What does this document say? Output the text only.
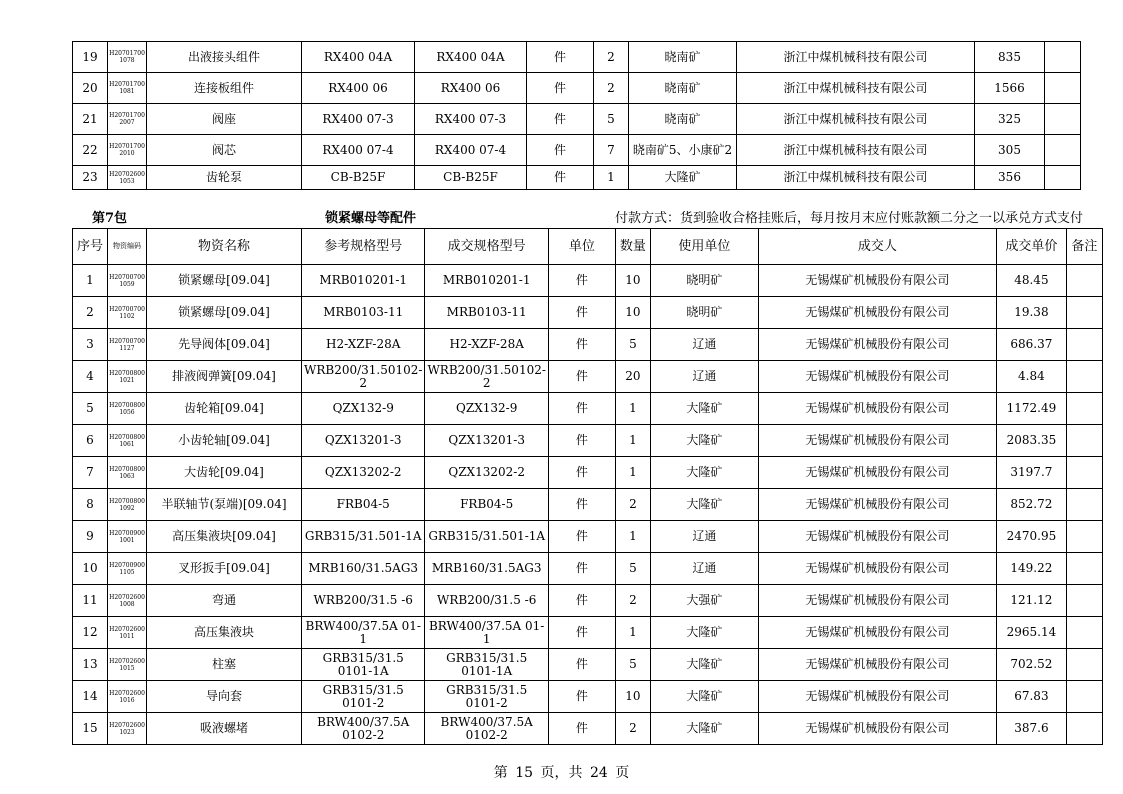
19	H20701700 1078	出液接头组件	RX400 04A	RX400 04A	件	2	晓南矿	浙江中煤机械科技有限公司	835	
20	H20701700 1081	连接板组件	RX400 06	RX400 06	件	2	晓南矿	浙江中煤机械科技有限公司	1566	
21	H20701700 2007	阀座	RX400 07-3	RX400 07-3	件	5	晓南矿	浙江中煤机械科技有限公司	325	
22	H20701700 2010	阀芯	RX400 07-4	RX400 07-4	件	7	晓南矿5、小康矿2	浙江中煤机械科技有限公司	305	
23	H20702600 1053	齿轮泵	CB-B25F	CB-B25F	件	1	大隆矿	浙江中煤机械科技有限公司	356	
第7包	锁紧螺母等配件	付款方式：货到验收合格挂账后，每月按月末应付账款额二分之一以承兑方式支付
序号	物资编码	物资名称	参考规格型号	成交规格型号	单位	数量	使用单位	成交人	成交单价	备注
1	H20700700 1059	锁紧螺母[09.04]	MRB010201-1	MRB010201-1	件	10	晓明矿	无锡煤矿机械股份有限公司	48.45	
2	H20700700 1102	锁紧螺母[09.04]	MRB0103-11	MRB0103-11	件	10	晓明矿	无锡煤矿机械股份有限公司	19.38	
3	H20700700 1127	先导阀体[09.04]	H2-XZF-28A	H2-XZF-28A	件	5	辽通	无锡煤矿机械股份有限公司	686.37	
4	H20700800 1021	排液阀弹簧[09.04]	WRB200/31.50102-2	WRB200/31.50102-2	件	20	辽通	无锡煤矿机械股份有限公司	4.84	
5	H20700800 1056	齿轮箱[09.04]	QZX132-9	QZX132-9	件	1	大隆矿	无锡煤矿机械股份有限公司	1172.49	
6	H20700800 1061	小齿轮轴[09.04]	QZX13201-3	QZX13201-3	件	1	大隆矿	无锡煤矿机械股份有限公司	2083.35	
7	H20700800 1063	大齿轮[09.04]	QZX13202-2	QZX13202-2	件	1	大隆矿	无锡煤矿机械股份有限公司	3197.7	
8	H20700800 1092	半联轴节(泵端)[09.04]	FRB04-5	FRB04-5	件	2	大隆矿	无锡煤矿机械股份有限公司	852.72	
9	H20700900 1001	高压集液块[09.04]	GRB315/31.501-1A	GRB315/31.501-1A	件	1	辽通	无锡煤矿机械股份有限公司	2470.95	
10	H20700900 1105	叉形扳手[09.04]	MRB160/31.5AG3	MRB160/31.5AG3	件	5	辽通	无锡煤矿机械股份有限公司	149.22	
11	H20702600 1008	弯通	WRB200/31.5 -6	WRB200/31.5 -6	件	2	大强矿	无锡煤矿机械股份有限公司	121.12	
12	H20702600 1011	高压集液块	BRW400/37.5A 01-1	BRW400/37.5A 01-1	件	1	大隆矿	无锡煤矿机械股份有限公司	2965.14	
13	H20702600 1015	柱塞	GRB315/31.5 0101-1A	GRB315/31.5 0101-1A	件	5	大隆矿	无锡煤矿机械股份有限公司	702.52	
14	H20702600 1016	导向套	GRB315/31.5 0101-2	GRB315/31.5 0101-2	件	10	大隆矿	无锡煤矿机械股份有限公司	67.83	
15	H20702600 1023	吸液螺堵	BRW400/37.5A 0102-2	BRW400/37.5A 0102-2	件	2	大隆矿	无锡煤矿机械股份有限公司	387.6	
第 15 页，共 24 页
